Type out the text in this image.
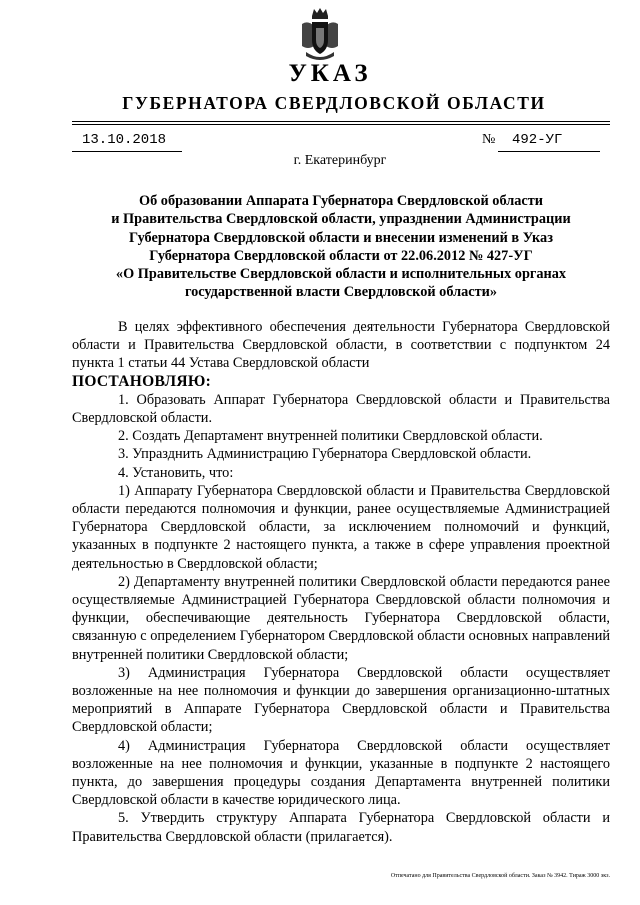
УКАЗ
ГУБЕРНАТОРА СВЕРДЛОВСКОЙ ОБЛАСТИ
13.10.2018	№ 492-УГ
г. Екатеринбург
Об образовании Аппарата Губернатора Свердловской области
и Правительства Свердловской области, упразднении Администрации
Губернатора Свердловской области и внесении изменений в Указ
Губернатора Свердловской области от 22.06.2012 № 427-УГ
«О Правительстве Свердловской области и исполнительных органах
государственной власти Свердловской области»

В целях эффективного обеспечения деятельности Губернатора Свердловской области и Правительства Свердловской области, в соответствии с подпунктом 24 пункта 1 статьи 44 Устава Свердловской области

ПОСТАНОВЛЯЮ:

1. Образовать Аппарат Губернатора Свердловской области и Правительства Свердловской области.

2. Создать Департамент внутренней политики Свердловской области.

3. Упразднить Администрацию Губернатора Свердловской области.

4. Установить, что:

1) Аппарату Губернатора Свердловской области и Правительства Свердловской области передаются полномочия и функции, ранее осуществляемые Администрацией Губернатора Свердловской области, за исключением полномочий и функций, указанных в подпункте 2 настоящего пункта, а также в сфере управления проектной деятельностью в Свердловской области;

2) Департаменту внутренней политики Свердловской области передаются ранее осуществляемые Администрацией Губернатора Свердловской области полномочия и функции, обеспечивающие деятельность Губернатора Свердловской области, связанную с определением Губернатором Свердловской области основных направлений внутренней политики Свердловской области;

3) Администрация Губернатора Свердловской области осуществляет возложенные на нее полномочия и функции до завершения организационно-штатных мероприятий в Аппарате Губернатора Свердловской области и Правительства Свердловской области;

4) Администрация Губернатора Свердловской области осуществляет возложенные на нее полномочия и функции, указанные в подпункте 2 настоящего пункта, до завершения процедуры создания Департамента внутренней политики Свердловской области в качестве юридического лица.

5. Утвердить структуру Аппарата Губернатора Свердловской области и Правительства Свердловской области (прилагается).

Отпечатано для Правительства Свердловской области. Заказ № 3942. Тираж 3000 экз.
